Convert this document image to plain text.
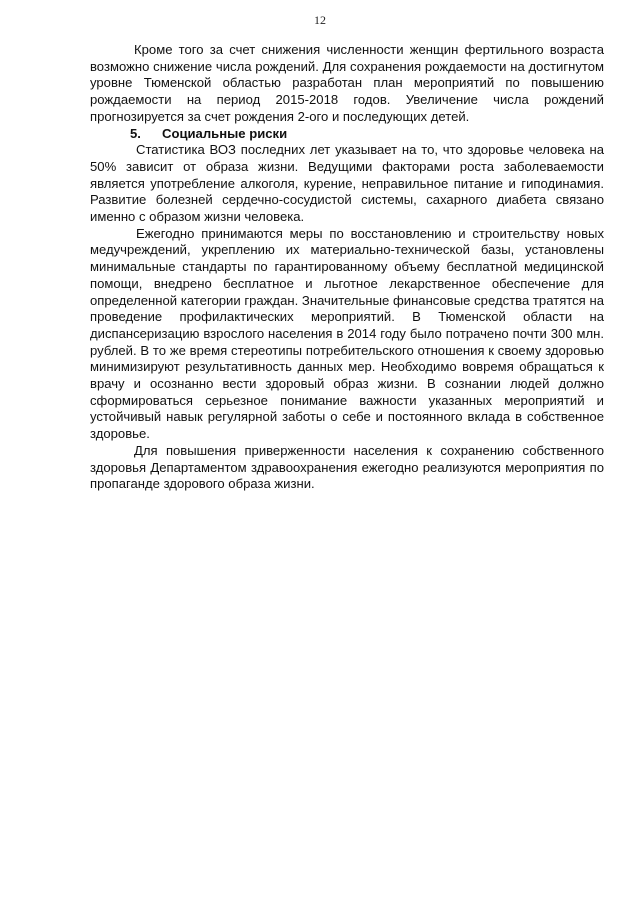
12

Кроме того за счет снижения численности женщин фертильного возраста возможно снижение числа рождений. Для сохранения рождаемости на достигнутом уровне Тюменской областью разработан план мероприятий по повышению рождаемости на период 2015-2018 годов. Увеличение числа рождений прогнозируется за счет рождения 2-ого и последующих детей.

5. Социальные риски

Статистика ВОЗ последних лет указывает на то, что здоровье человека на 50% зависит от образа жизни. Ведущими факторами роста заболеваемости является употребление алкоголя, курение, неправильное питание и гиподинамия. Развитие болезней сердечно-сосудистой системы, сахарного диабета связано именно с образом жизни человека.

Ежегодно принимаются меры по восстановлению и строительству новых медучреждений, укреплению их материально-технической базы, установлены минимальные стандарты по гарантированному объему бесплатной медицинской помощи, внедрено бесплатное и льготное лекарственное обеспечение для определенной категории граждан. Значительные финансовые средства тратятся на проведение профилактических мероприятий. В Тюменской области на диспансеризацию взрослого населения в 2014 году было потрачено почти 300 млн. рублей. В то же время стереотипы потребительского отношения к своему здоровью минимизируют результативность данных мер. Необходимо вовремя обращаться к врачу и осознанно вести здоровый образ жизни. В сознании людей должно сформироваться серьезное понимание важности указанных мероприятий и устойчивый навык регулярной заботы о себе и постоянного вклада в собственное здоровье.

Для повышения приверженности населения к сохранению собственного здоровья Департаментом здравоохранения ежегодно реализуются мероприятия по пропаганде здорового образа жизни.
